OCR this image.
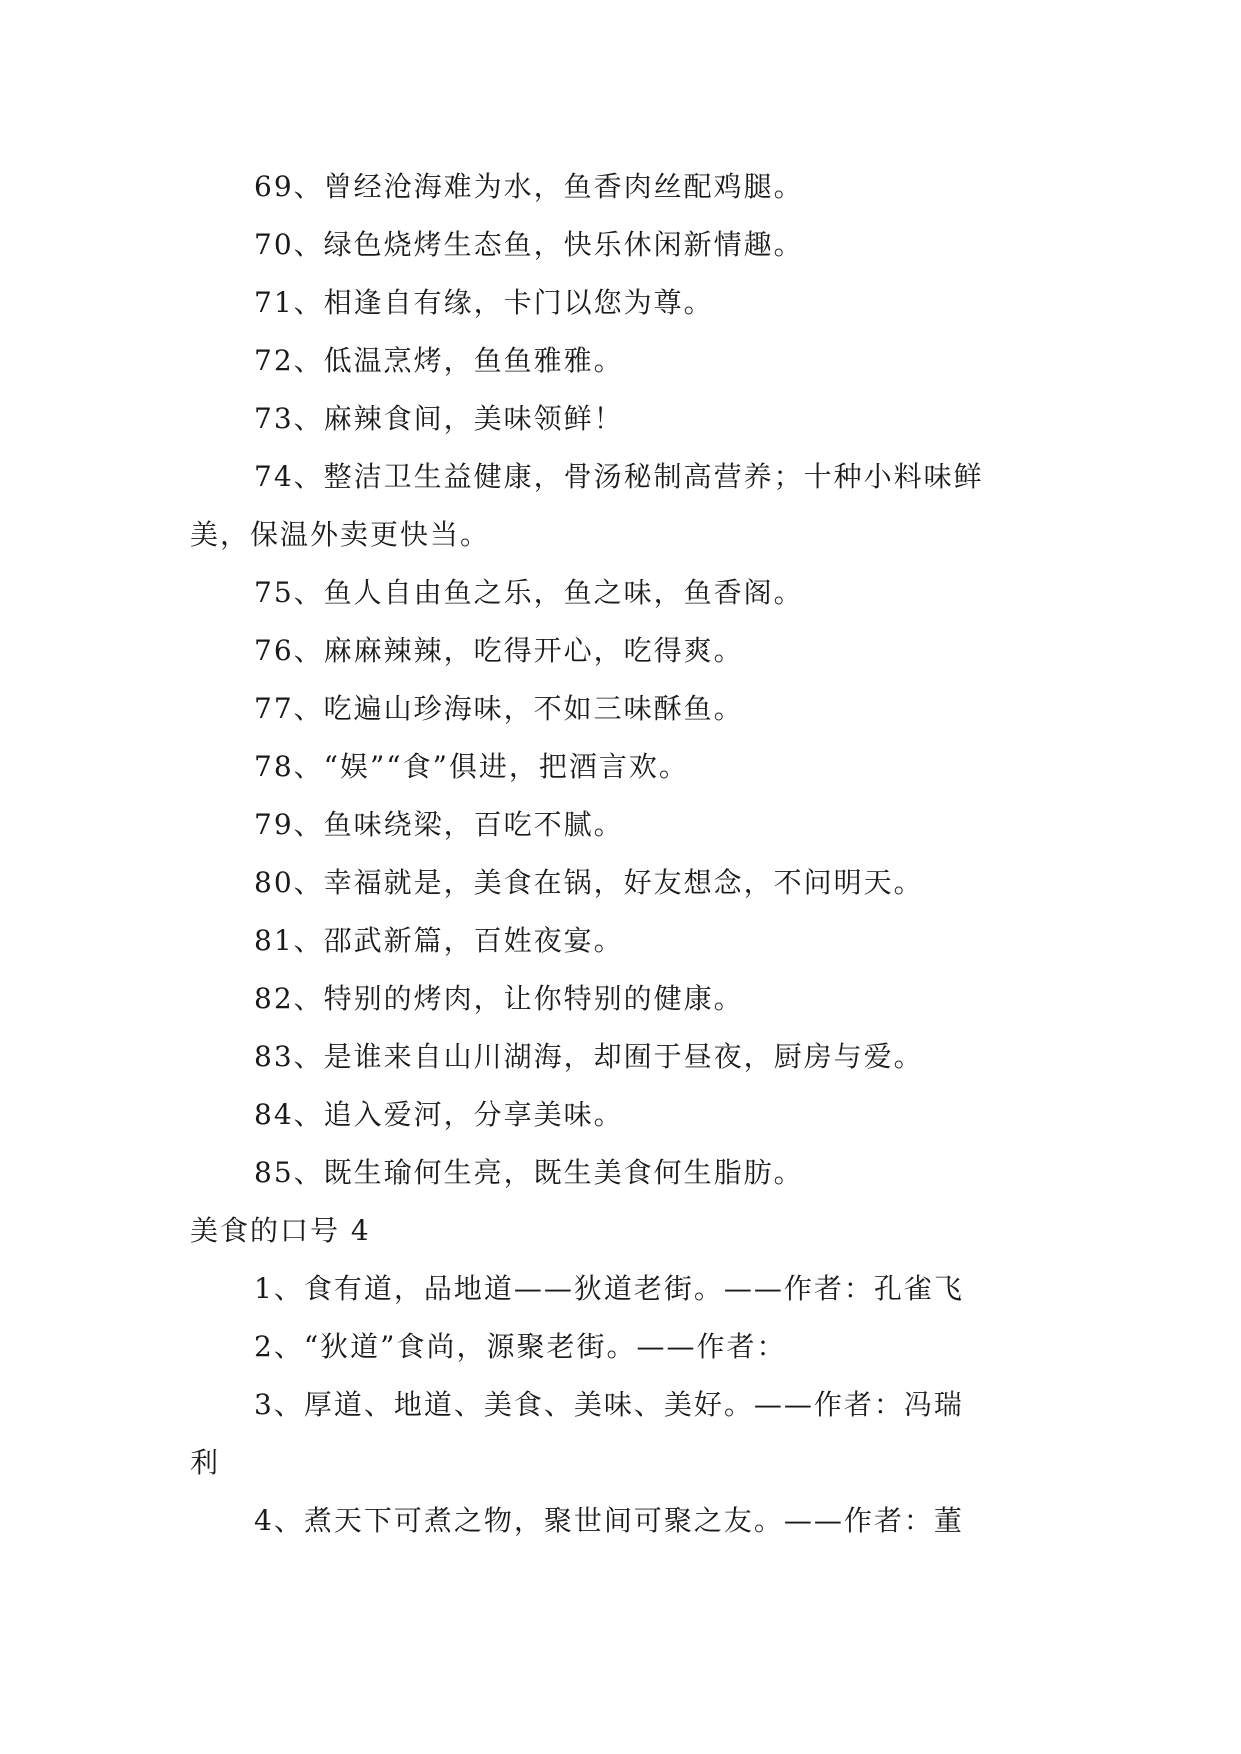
69、曾经沧海难为水，鱼香肉丝配鸡腿。
70、绿色烧烤生态鱼，快乐休闲新情趣。
71、相逢自有缘，卡门以您为尊。
72、低温烹烤，鱼鱼雅雅。
73、麻辣食间，美味领鲜！
74、整洁卫生益健康，骨汤秘制高营养；十种小料味鲜
美，保温外卖更快当。
75、鱼人自由鱼之乐，鱼之味，鱼香阁。
76、麻麻辣辣，吃得开心，吃得爽。
77、吃遍山珍海味，不如三味酥鱼。
78、“娱”“食”俱进，把酒言欢。
79、鱼味绕梁，百吃不腻。
80、幸福就是，美食在锅，好友想念，不问明天。
81、邵武新篇，百姓夜宴。
82、特别的烤肉，让你特别的健康。
83、是谁来自山川湖海，却囿于昼夜，厨房与爱。
84、追入爱河，分享美味。
85、既生瑜何生亮，既生美食何生脂肪。
美食的口号 4
1、食有道，品地道——狄道老街。——作者：孔雀飞
2、“狄道”食尚，源聚老街。——作者：
3、厚道、地道、美食、美味、美好。——作者：冯瑞
利
4、煮天下可煮之物，聚世间可聚之友。——作者：董
